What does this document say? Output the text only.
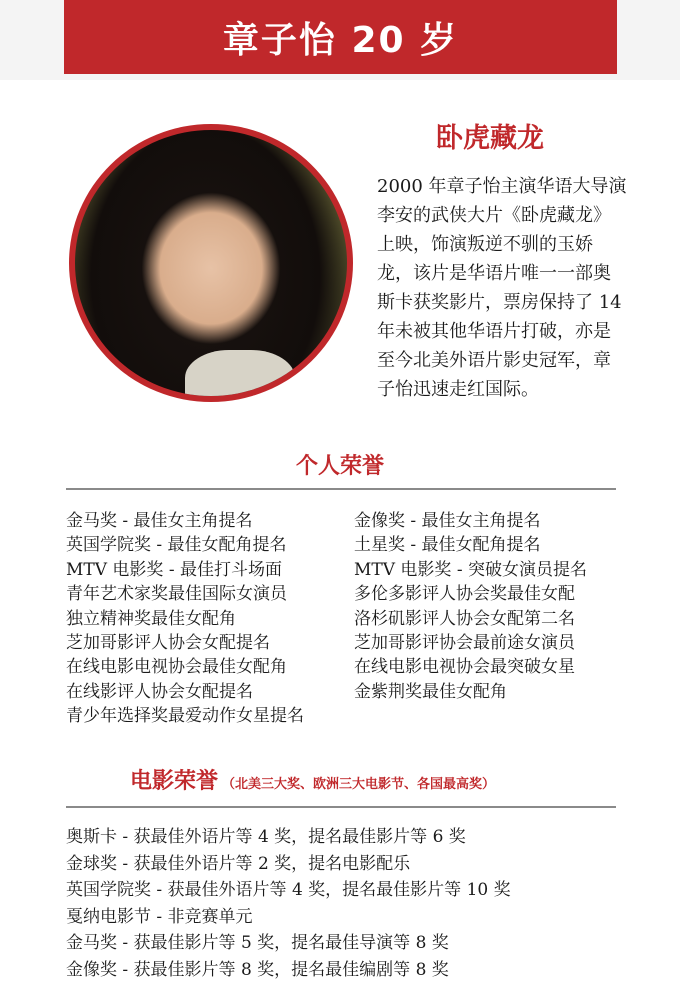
章子怡 20 岁
卧虎藏龙

2000 年章子怡主演华语大导演李安的武侠大片《卧虎藏龙》上映，饰演叛逆不驯的玉娇龙，该片是华语片唯一一部奥斯卡获奖影片，票房保持了 14 年未被其他华语片打破，亦是至今北美外语片影史冠军，章子怡迅速走红国际。

个人荣誉
金马奖 - 最佳女主角提名
英国学院奖 - 最佳女配角提名
MTV 电影奖 - 最佳打斗场面
青年艺术家奖最佳国际女演员
独立精神奖最佳女配角
芝加哥影评人协会女配提名
在线电影电视协会最佳女配角
在线影评人协会女配提名
青少年选择奖最爱动作女星提名
金像奖 - 最佳女主角提名
土星奖 - 最佳女配角提名
MTV 电影奖 - 突破女演员提名
多伦多影评人协会奖最佳女配
洛杉矶影评人协会女配第二名
芝加哥影评协会最前途女演员
在线电影电视协会最突破女星
金紫荆奖最佳女配角
电影荣誉 （北美三大奖、欧洲三大电影节、各国最高奖）
奥斯卡 - 获最佳外语片等 4 奖，提名最佳影片等 6 奖
金球奖 - 获最佳外语片等 2 奖，提名电影配乐
英国学院奖 - 获最佳外语片等 4 奖，提名最佳影片等 10 奖
戛纳电影节 - 非竞赛单元
金马奖 - 获最佳影片等 5 奖，提名最佳导演等 8 奖
金像奖 - 获最佳影片等 8 奖，提名最佳编剧等 8 奖
